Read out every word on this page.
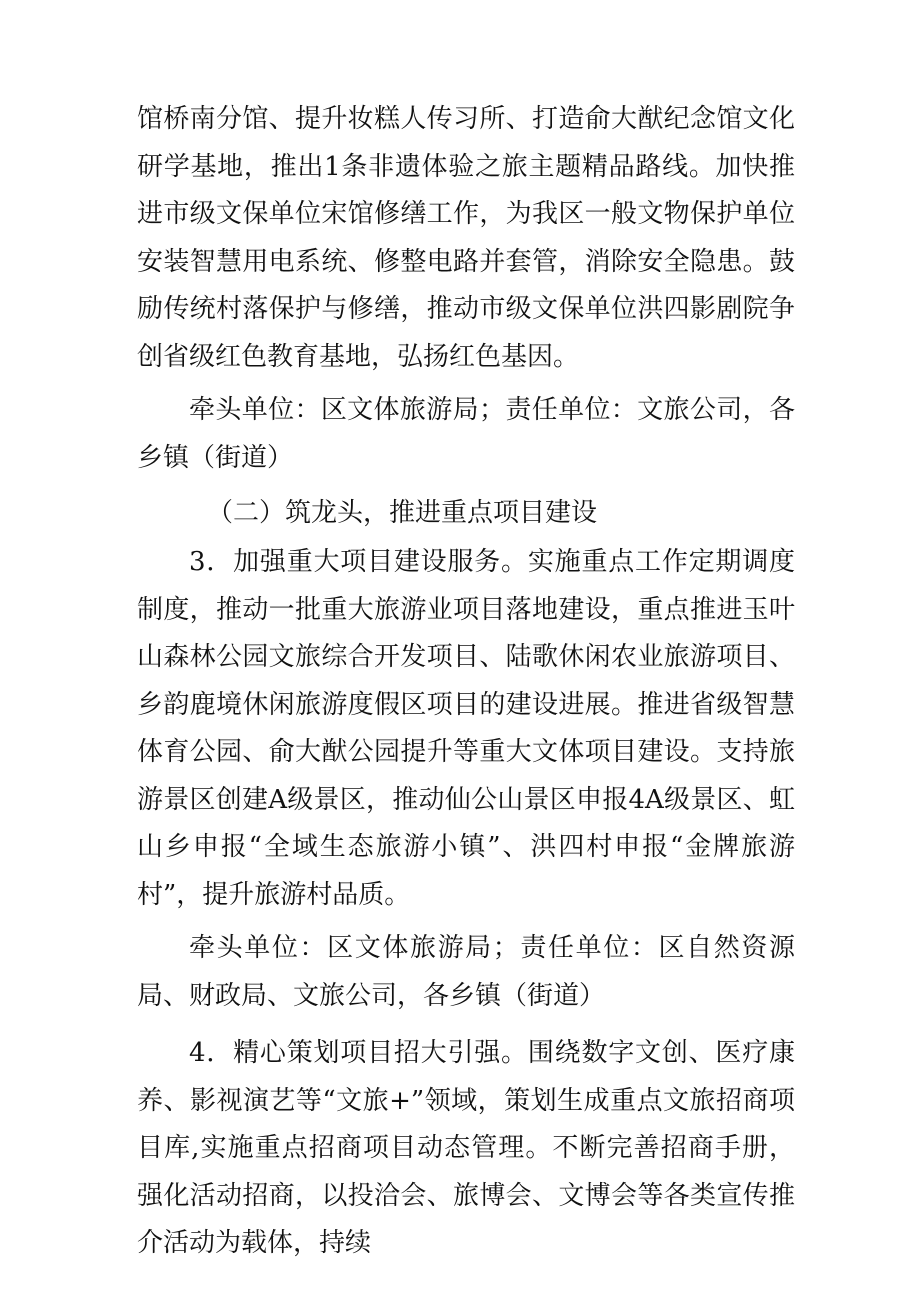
馆桥南分馆、提升妆糕人传习所、打造俞大猷纪念馆文化研学基地，推出1条非遗体验之旅主题精品路线。加快推进市级文保单位宋馆修缮工作，为我区一般文物保护单位安装智慧用电系统、修整电路并套管，消除安全隐患。鼓励传统村落保护与修缮，推动市级文保单位洪四影剧院争创省级红色教育基地，弘扬红色基因。

牵头单位：区文体旅游局；责任单位：文旅公司，各乡镇（街道）

（二）筑龙头，推进重点项目建设

3．加强重大项目建设服务。实施重点工作定期调度制度，推动一批重大旅游业项目落地建设，重点推进玉叶山森林公园文旅综合开发项目、陆歌休闲农业旅游项目、乡韵鹿境休闲旅游度假区项目的建设进展。推进省级智慧体育公园、俞大猷公园提升等重大文体项目建设。支持旅游景区创建A级景区，推动仙公山景区申报4A级景区、虹山乡申报“全域生态旅游小镇”、洪四村申报“金牌旅游村”，提升旅游村品质。

牵头单位：区文体旅游局；责任单位：区自然资源局、财政局、文旅公司，各乡镇（街道）

4．精心策划项目招大引强。围绕数字文创、医疗康养、影视演艺等“文旅+”领域，策划生成重点文旅招商项目库,实施重点招商项目动态管理。不断完善招商手册，强化活动招商，以投洽会、旅博会、文博会等各类宣传推介活动为载体，持续
